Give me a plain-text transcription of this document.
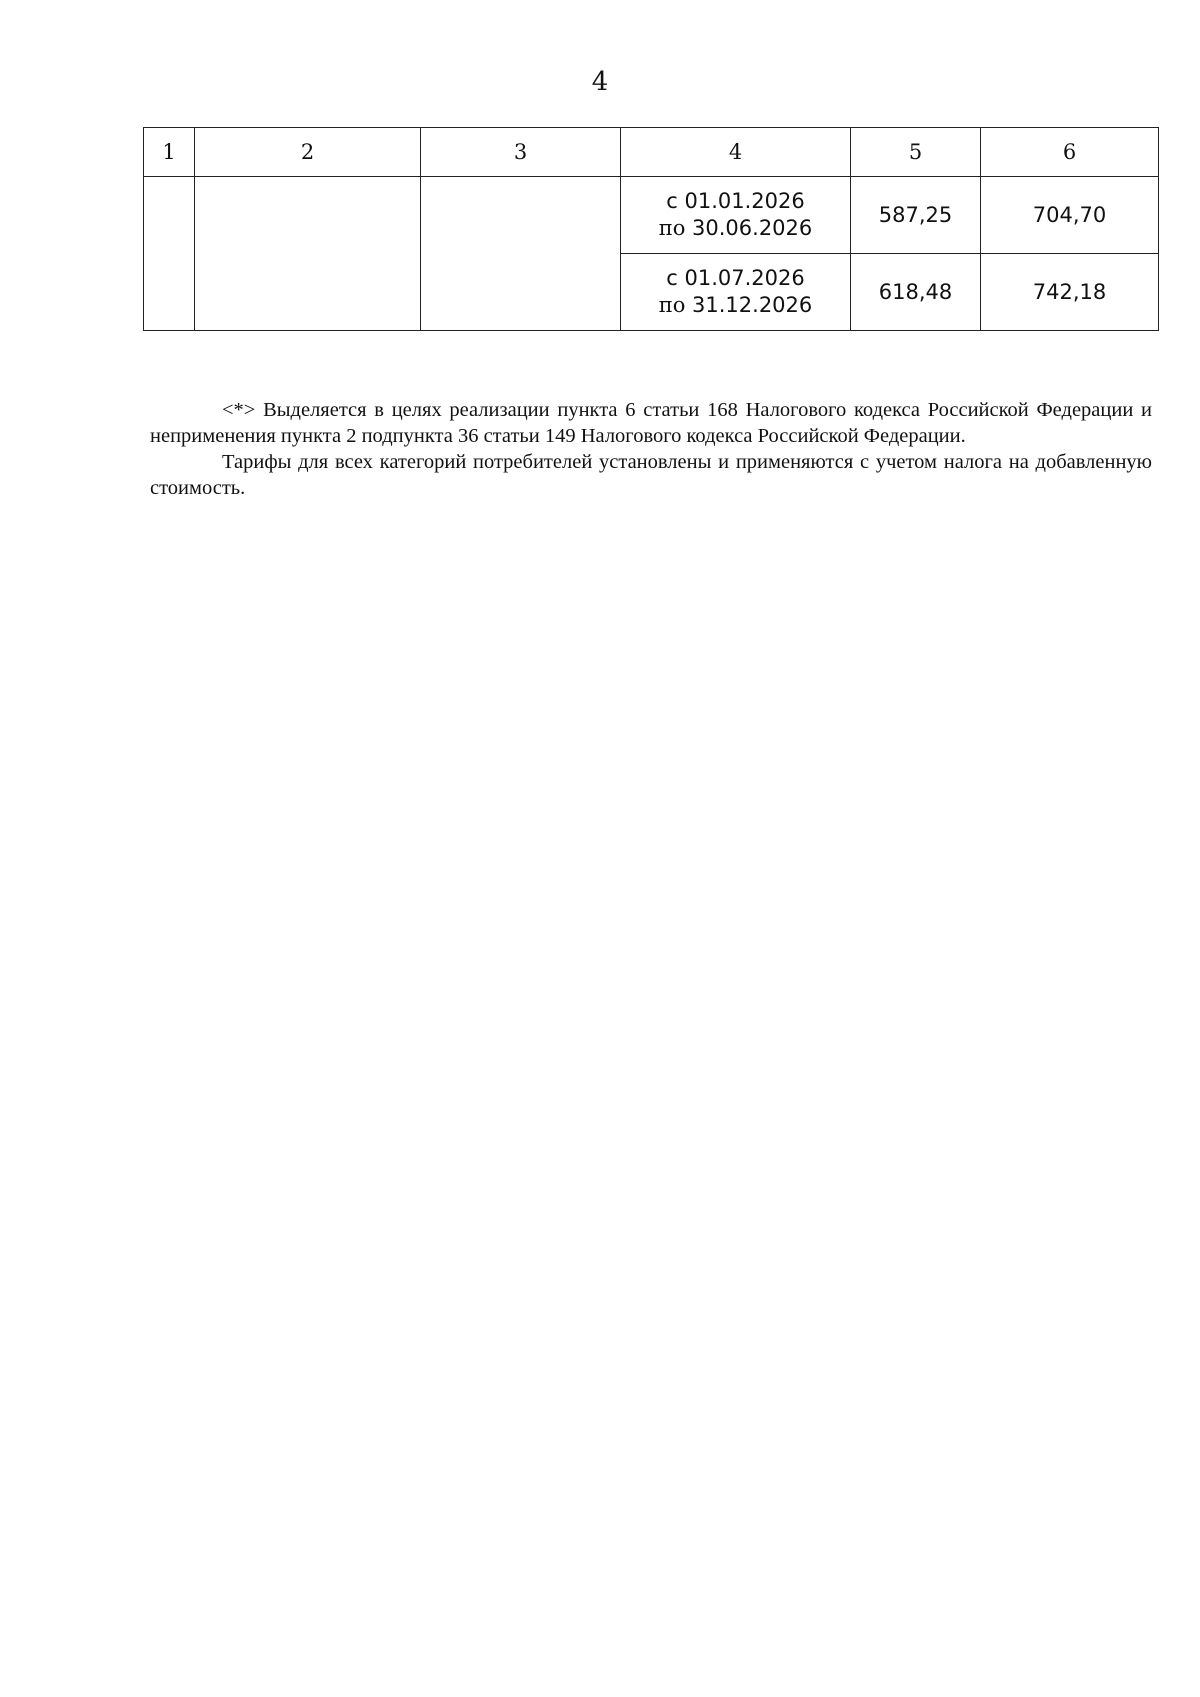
4
1	2	3	4	5	6

			с 01.01.2026
по 30.06.2026	587,25	704,70

			с 01.07.2026
по 31.12.2026	618,48	742,18

<*> Выделяется в целях реализации пункта 6 статьи 168 Налогового кодекса Российской Федерации и неприменения пункта 2 подпункта 36 статьи 149 Налогового кодекса Российской Федерации.

Тарифы для всех категорий потребителей установлены и применяются с учетом налога на добавленную стоимость.
